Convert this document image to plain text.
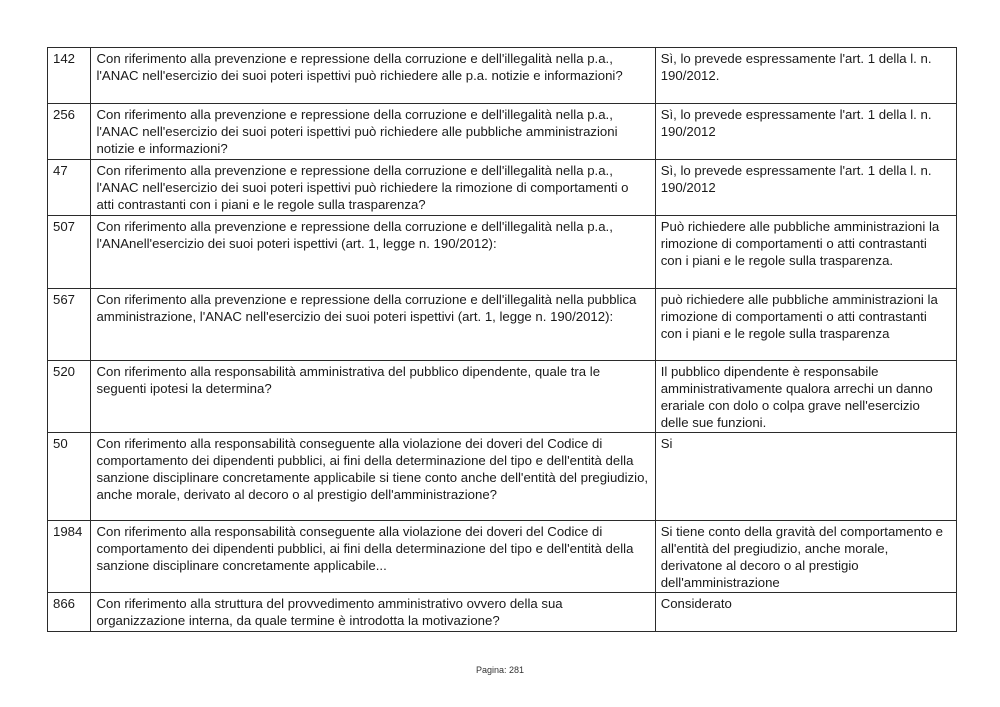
142	Con riferimento alla prevenzione e repressione della corruzione e dell'illegalità nella p.a., l'ANAC nell'esercizio dei suoi poteri ispettivi può richiedere alle p.a. notizie e informazioni?	Sì, lo prevede espressamente l'art. 1 della l. n. 190/2012.
256	Con riferimento alla prevenzione e repressione della corruzione e dell'illegalità nella p.a., l'ANAC nell'esercizio dei suoi poteri ispettivi può richiedere alle pubbliche amministrazioni notizie e informazioni?	Sì, lo prevede espressamente l'art. 1 della l. n. 190/2012
47	Con riferimento alla prevenzione e repressione della corruzione e dell'illegalità nella p.a., l'ANAC nell'esercizio dei suoi poteri ispettivi può richiedere la rimozione di comportamenti o atti contrastanti con i piani e le regole sulla trasparenza?	Sì, lo prevede espressamente l'art. 1 della l. n. 190/2012
507	Con riferimento alla prevenzione e repressione della corruzione e dell'illegalità nella p.a., l'ANAnell'esercizio dei suoi poteri ispettivi (art. 1, legge n. 190/2012):	Può richiedere alle pubbliche amministrazioni la rimozione di comportamenti o atti contrastanti con i piani e le regole sulla trasparenza.
567	Con riferimento alla prevenzione e repressione della corruzione e dell'illegalità nella pubblica amministrazione, l'ANAC nell'esercizio dei suoi poteri ispettivi (art. 1, legge n. 190/2012):	può richiedere alle pubbliche amministrazioni la rimozione di comportamenti o atti contrastanti con i piani e le regole sulla trasparenza
520	Con riferimento alla responsabilità amministrativa del pubblico dipendente, quale tra le seguenti ipotesi la determina?	Il pubblico dipendente è responsabile amministrativamente qualora arrechi un danno erariale con dolo o colpa grave nell'esercizio delle sue funzioni.
50	Con riferimento alla responsabilità conseguente alla violazione dei doveri del Codice di comportamento dei dipendenti pubblici, ai fini della determinazione del tipo e dell'entità della sanzione disciplinare concretamente applicabile si tiene conto anche dell'entità del pregiudizio, anche morale, derivato al decoro o al prestigio dell'amministrazione?	Si
1984	Con riferimento alla responsabilità conseguente alla violazione dei doveri del Codice di comportamento dei dipendenti pubblici, ai fini della determinazione del tipo e dell'entità della sanzione disciplinare concretamente applicabile...	Si tiene conto della gravità del comportamento e all'entità del pregiudizio, anche morale, derivatone al decoro o al prestigio dell'amministrazione
866	Con riferimento alla struttura del provvedimento amministrativo ovvero della sua organizzazione interna, da quale termine è introdotta la motivazione?	Considerato
Pagina: 281
